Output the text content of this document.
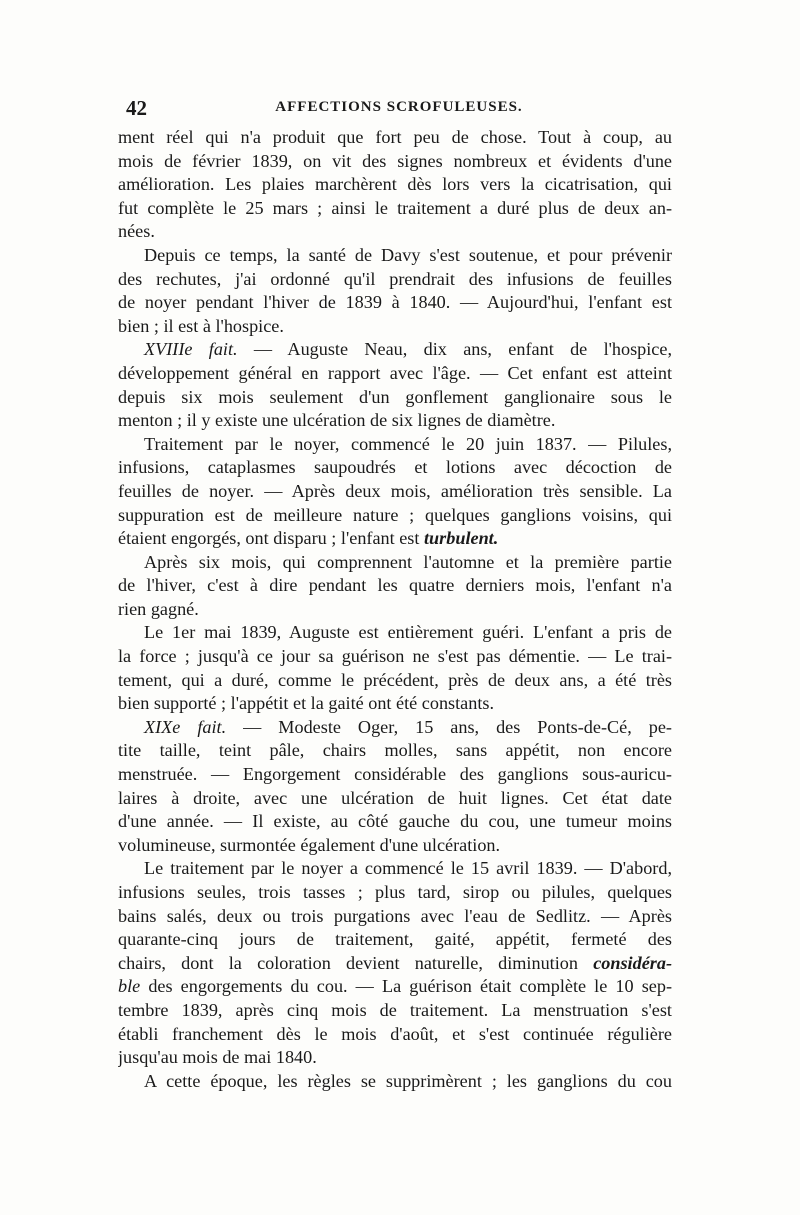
42	AFFECTIONS SCROFULEUSES.
ment réel qui n'a produit que fort peu de chose. Tout à coup, au
mois de février 1839, on vit des signes nombreux et évidents d'une
amélioration. Les plaies marchèrent dès lors vers la cicatrisation, qui
fut complète le 25 mars ; ainsi le traitement a duré plus de deux an-
nées.
Depuis ce temps, la santé de Davy s'est soutenue, et pour prévenir
des rechutes, j'ai ordonné qu'il prendrait des infusions de feuilles
de noyer pendant l'hiver de 1839 à 1840. — Aujourd'hui, l'enfant est
bien ; il est à l'hospice.
XVIIIe fait. — Auguste Neau, dix ans, enfant de l'hospice,
développement général en rapport avec l'âge. — Cet enfant est atteint
depuis six mois seulement d'un gonflement ganglionaire sous le
menton ; il y existe une ulcération de six lignes de diamètre.
Traitement par le noyer, commencé le 20 juin 1837. — Pilules,
infusions, cataplasmes saupoudrés et lotions avec décoction de
feuilles de noyer. — Après deux mois, amélioration très sensible. La
suppuration est de meilleure nature ; quelques ganglions voisins, qui
étaient engorgés, ont disparu ; l'enfant est turbulent.
Après six mois, qui comprennent l'automne et la première partie
de l'hiver, c'est à dire pendant les quatre derniers mois, l'enfant n'a
rien gagné.
Le 1er mai 1839, Auguste est entièrement guéri. L'enfant a pris de
la force ; jusqu'à ce jour sa guérison ne s'est pas démentie. — Le trai-
tement, qui a duré, comme le précédent, près de deux ans, a été très
bien supporté ; l'appétit et la gaité ont été constants.
XIXe fait. — Modeste Oger, 15 ans, des Ponts-de-Cé, pe-
tite taille, teint pâle, chairs molles, sans appétit, non encore
menstruée. — Engorgement considérable des ganglions sous-auricu-
laires à droite, avec une ulcération de huit lignes. Cet état date
d'une année. — Il existe, au côté gauche du cou, une tumeur moins
volumineuse, surmontée également d'une ulcération.
Le traitement par le noyer a commencé le 15 avril 1839. — D'abord,
infusions seules, trois tasses ; plus tard, sirop ou pilules, quelques
bains salés, deux ou trois purgations avec l'eau de Sedlitz. — Après
quarante-cinq jours de traitement, gaité, appétit, fermeté des
chairs, dont la coloration devient naturelle, diminution considéra-
ble des engorgements du cou. — La guérison était complète le 10 sep-
tembre 1839, après cinq mois de traitement. La menstruation s'est
établi franchement dès le mois d'août, et s'est continuée régulière
jusqu'au mois de mai 1840.
A cette époque, les règles se supprimèrent ; les ganglions du cou
